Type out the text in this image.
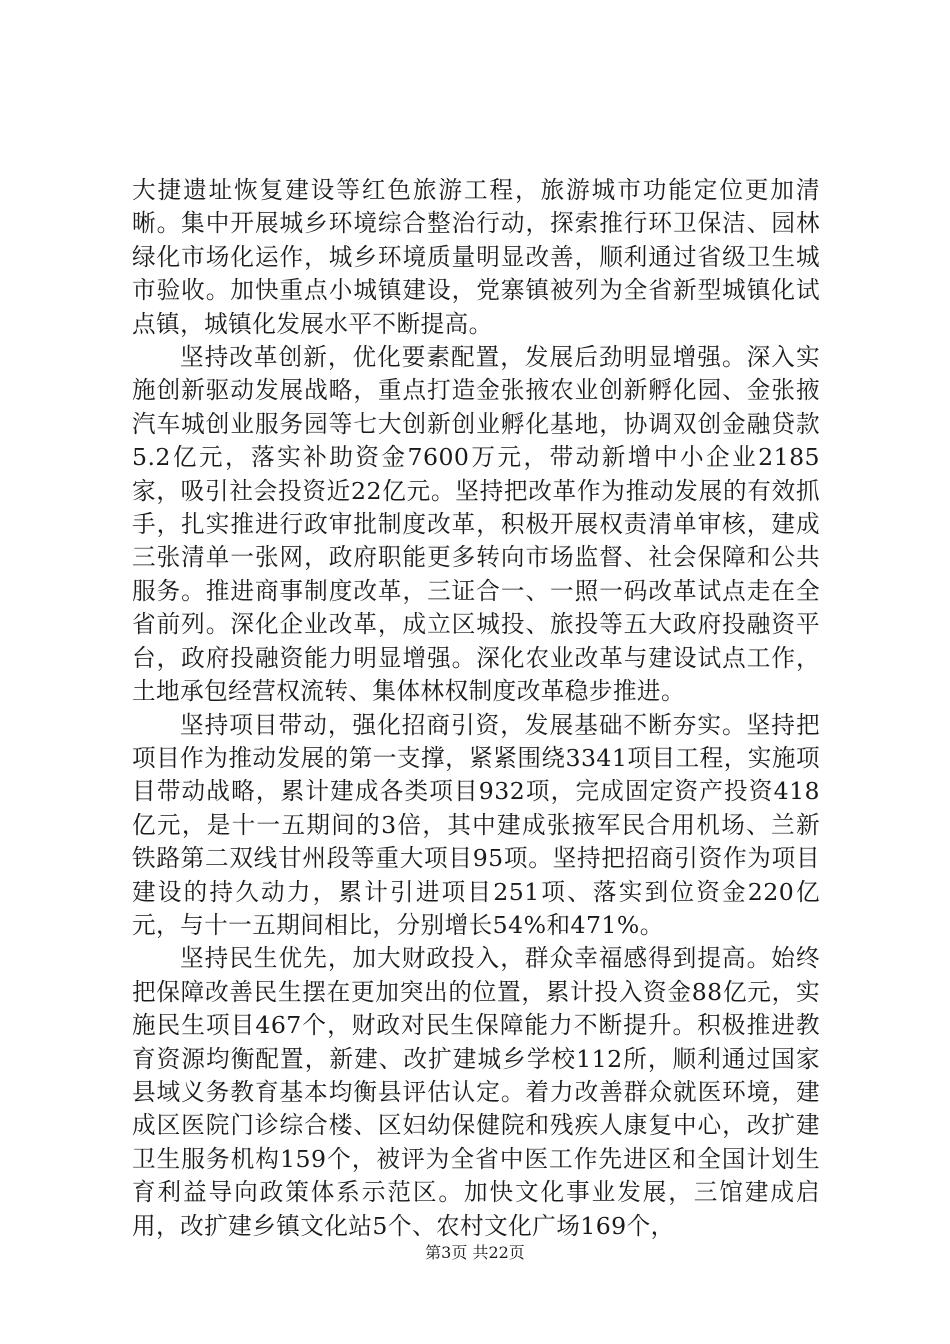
大捷遗址恢复建设等红色旅游工程，旅游城市功能定位更加清晰。集中开展城乡环境综合整治行动，探索推行环卫保洁、园林绿化市场化运作，城乡环境质量明显改善，顺利通过省级卫生城市验收。加快重点小城镇建设，党寨镇被列为全省新型城镇化试点镇，城镇化发展水平不断提高。

坚持改革创新，优化要素配置，发展后劲明显增强。深入实施创新驱动发展战略，重点打造金张掖农业创新孵化园、金张掖汽车城创业服务园等七大创新创业孵化基地，协调双创金融贷款5.2亿元，落实补助资金7600万元，带动新增中小企业2185家，吸引社会投资近22亿元。坚持把改革作为推动发展的有效抓手，扎实推进行政审批制度改革，积极开展权责清单审核，建成三张清单一张网，政府职能更多转向市场监督、社会保障和公共服务。推进商事制度改革，三证合一、一照一码改革试点走在全省前列。深化企业改革，成立区城投、旅投等五大政府投融资平台，政府投融资能力明显增强。深化农业改革与建设试点工作，土地承包经营权流转、集体林权制度改革稳步推进。

坚持项目带动，强化招商引资，发展基础不断夯实。坚持把项目作为推动发展的第一支撑，紧紧围绕3341项目工程，实施项目带动战略，累计建成各类项目932项，完成固定资产投资418亿元，是十一五期间的3倍，其中建成张掖军民合用机场、兰新铁路第二双线甘州段等重大项目95项。坚持把招商引资作为项目建设的持久动力，累计引进项目251项、落实到位资金220亿元，与十一五期间相比，分别增长54%和471%。

坚持民生优先，加大财政投入，群众幸福感得到提高。始终把保障改善民生摆在更加突出的位置，累计投入资金88亿元，实施民生项目467个，财政对民生保障能力不断提升。积极推进教育资源均衡配置，新建、改扩建城乡学校112所，顺利通过国家县域义务教育基本均衡县评估认定。着力改善群众就医环境，建成区医院门诊综合楼、区妇幼保健院和残疾人康复中心，改扩建卫生服务机构159个，被评为全省中医工作先进区和全国计划生育利益导向政策体系示范区。加快文化事业发展，三馆建成启用，改扩建乡镇文化站5个、农村文化广场169个，

第3页 共22页
